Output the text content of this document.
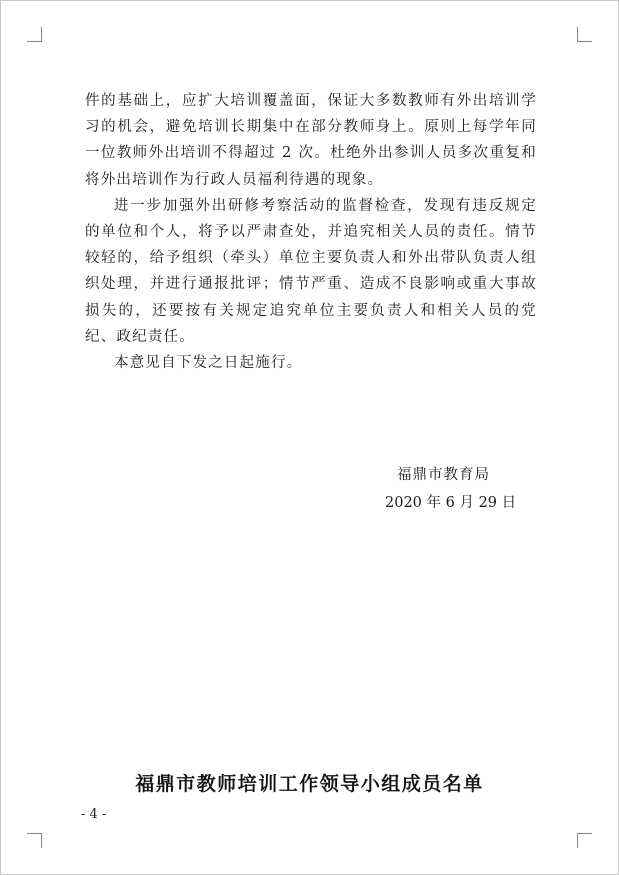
件的基础上，应扩大培训覆盖面，保证大多数教师有外出培训学习的机会，避免培训长期集中在部分教师身上。原则上每学年同一位教师外出培训不得超过 2 次。杜绝外出参训人员多次重复和将外出培训作为行政人员福利待遇的现象。

进一步加强外出研修考察活动的监督检查，发现有违反规定的单位和个人，将予以严肃查处，并追究相关人员的责任。情节较轻的，给予组织（牵头）单位主要负责人和外出带队负责人组织处理，并进行通报批评；情节严重、造成不良影响或重大事故损失的，还要按有关规定追究单位主要负责人和相关人员的党纪、政纪责任。

本意见自下发之日起施行。

福鼎市教育局
2020 年 6 月 29 日
福鼎市教师培训工作领导小组成员名单
- 4 -
